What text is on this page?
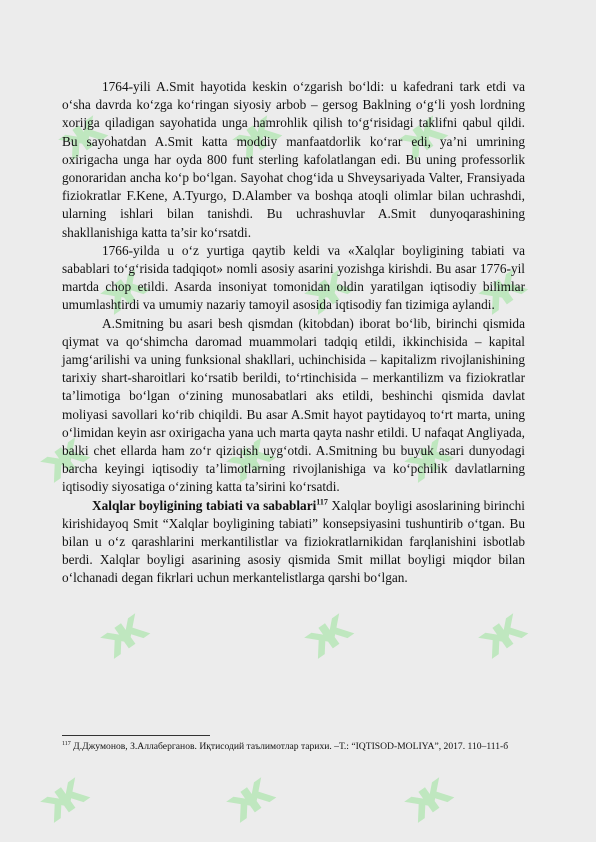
ж ж ж
ж	ж ж
ж	ж ж
ж	ж ж
ж	ж ж

1764-yili A.Smit hayotida keskin o‘zgarish bo‘ldi: u kafedrani tark etdi va o‘sha davrda ko‘zga ko‘ringan siyosiy arbob – gersog Baklning o‘g‘li yosh lordning xorijga qiladigan sayohatida unga hamrohlik qilish to‘g‘risidagi taklifni qabul qildi. Bu sayohatdan A.Smit katta moddiy manfaatdorlik ko‘rar edi, ya’ni umrining oxirigacha unga har oyda 800 funt sterling kafolatlangan edi. Bu uning professorlik gonoraridan ancha ko‘p bo‘lgan. Sayohat chog‘ida u Shveysariyada Valter, Fransiyada fiziokratlar F.Kene, A.Tyurgo, D.Alamber va boshqa atoqli olimlar bilan uchrashdi, ularning ishlari bilan tanishdi. Bu uchrashuvlar A.Smit dunyoqarashining shakllanishiga katta ta’sir ko‘rsatdi.

1766-yilda u o‘z yurtiga qaytib keldi va «Xalqlar boyligining tabiati va sabablari to‘g‘risida tadqiqot» nomli asosiy asarini yozishga kirishdi. Bu asar 1776-yil martda chop etildi. Asarda insoniyat tomonidan oldin yaratilgan iqtisodiy bilimlar umumlashtirdi va umumiy nazariy tamoyil asosida iqtisodiy fan tizimiga aylandi.

A.Smitning bu asari besh qismdan (kitobdan) iborat bo‘lib, birinchi qismida qiymat va qo‘shimcha daromad muammolari tadqiq etildi, ikkinchisida – kapital jamg‘arilishi va uning funksional shakllari, uchinchisida – kapitalizm rivojlanishining tarixiy shart-sharoitlari ko‘rsatib berildi, to‘rtinchisida – merkantilizm va fiziokratlar ta’limotiga bo‘lgan o‘zining munosabatlari aks etildi, beshinchi qismida davlat moliyasi savollari ko‘rib chiqildi. Bu asar A.Smit hayot paytidayoq to‘rt marta, uning o‘limidan keyin asr oxirigacha yana uch marta qayta nashr etildi. U nafaqat Angliyada, balki chet ellarda ham zo‘r qiziqish uyg‘otdi. A.Smitning bu buyuk asari dunyodagi barcha keyingi iqtisodiy ta’limotlarning rivojlanishiga va ko‘pchilik davlatlarning iqtisodiy siyosatiga o‘zining katta ta’sirini ko‘rsatdi.

Xalqlar boyligining tabiati va sabablari$^{117}$ Xalqlar boyligi asoslarining birinchi kirishidayoq Smit “Xalqlar boyligining tabiati” konsepsiyasini tushuntirib o‘tgan. Bu bilan u o‘z qarashlarini merkantilistlar va fiziokratlarnikidan farqlanishini isbotlab berdi. Xalqlar boyligi asarining asosiy qismida Smit millat boyligi miqdor bilan o‘lchanadi degan fikrlari uchun merkantelistlarga qarshi bo‘lgan.

$^{117}$ Д.Джумонов, З.Аллаберганов. Иқтисодий таълимотлар тарихи. –Т.: “IQTISOD-MOLIYA”, 2017. 110–111-б
